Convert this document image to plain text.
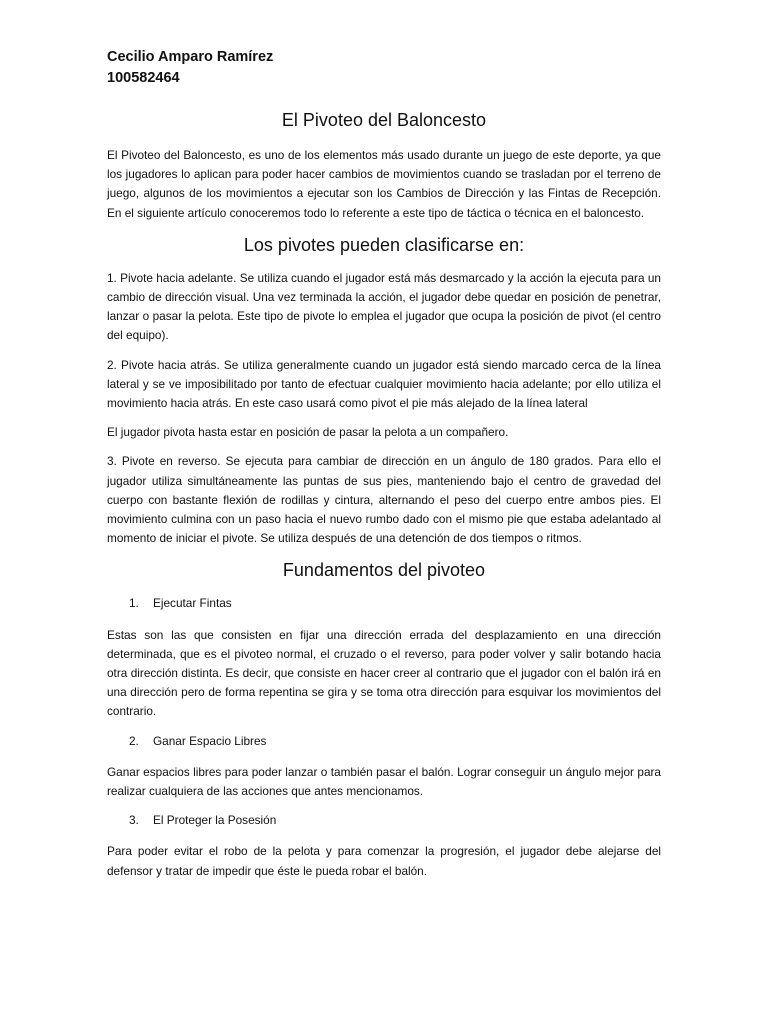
Cecilio Amparo Ramírez
100582464
El Pivoteo del Baloncesto

El Pivoteo del Baloncesto, es uno de los elementos más usado durante un juego de este deporte, ya que los jugadores lo aplican para poder hacer cambios de movimientos cuando se trasladan por el terreno de juego, algunos de los movimientos a ejecutar son los Cambios de Dirección y las Fintas de Recepción. En el siguiente artículo conoceremos todo lo referente a este tipo de táctica o técnica en el baloncesto.

Los pivotes pueden clasificarse en:

1. Pivote hacia adelante. Se utiliza cuando el jugador está más desmarcado y la acción la ejecuta para un cambio de dirección visual. Una vez terminada la acción, el jugador debe quedar en posición de penetrar, lanzar o pasar la pelota. Este tipo de pivote lo emplea el jugador que ocupa la posición de pivot (el centro del equipo).

2. Pivote hacia atrás. Se utiliza generalmente cuando un jugador está siendo marcado cerca de la línea lateral y se ve imposibilitado por tanto de efectuar cualquier movimiento hacia adelante; por ello utiliza el movimiento hacia atrás. En este caso usará como pivot el pie más alejado de la línea lateral

El jugador pivota hasta estar en posición de pasar la pelota a un compañero.

3. Pivote en reverso. Se ejecuta para cambiar de dirección en un ángulo de 180 grados. Para ello el jugador utiliza simultáneamente las puntas de sus pies, manteniendo bajo el centro de gravedad del cuerpo con bastante flexión de rodillas y cintura, alternando el peso del cuerpo entre ambos pies. El movimiento culmina con un paso hacia el nuevo rumbo dado con el mismo pie que estaba adelantado al momento de iniciar el pivote. Se utiliza después de una detención de dos tiempos o ritmos.

Fundamentos del pivoteo
1.	Ejecutar Fintas

Estas son las que consisten en fijar una dirección errada del desplazamiento en una dirección determinada, que es el pivoteo normal, el cruzado o el reverso, para poder volver y salir botando hacia otra dirección distinta. Es decir, que consiste en hacer creer al contrario que el jugador con el balón irá en una dirección pero de forma repentina se gira y se toma otra dirección para esquivar los movimientos del contrario.

2.	Ganar Espacio Libres

Ganar espacios libres para poder lanzar o también pasar el balón. Lograr conseguir un ángulo mejor para realizar cualquiera de las acciones que antes mencionamos.

3.	El Proteger la Posesión

Para poder evitar el robo de la pelota y para comenzar la progresión, el jugador debe alejarse del defensor y tratar de impedir que éste le pueda robar el balón.
